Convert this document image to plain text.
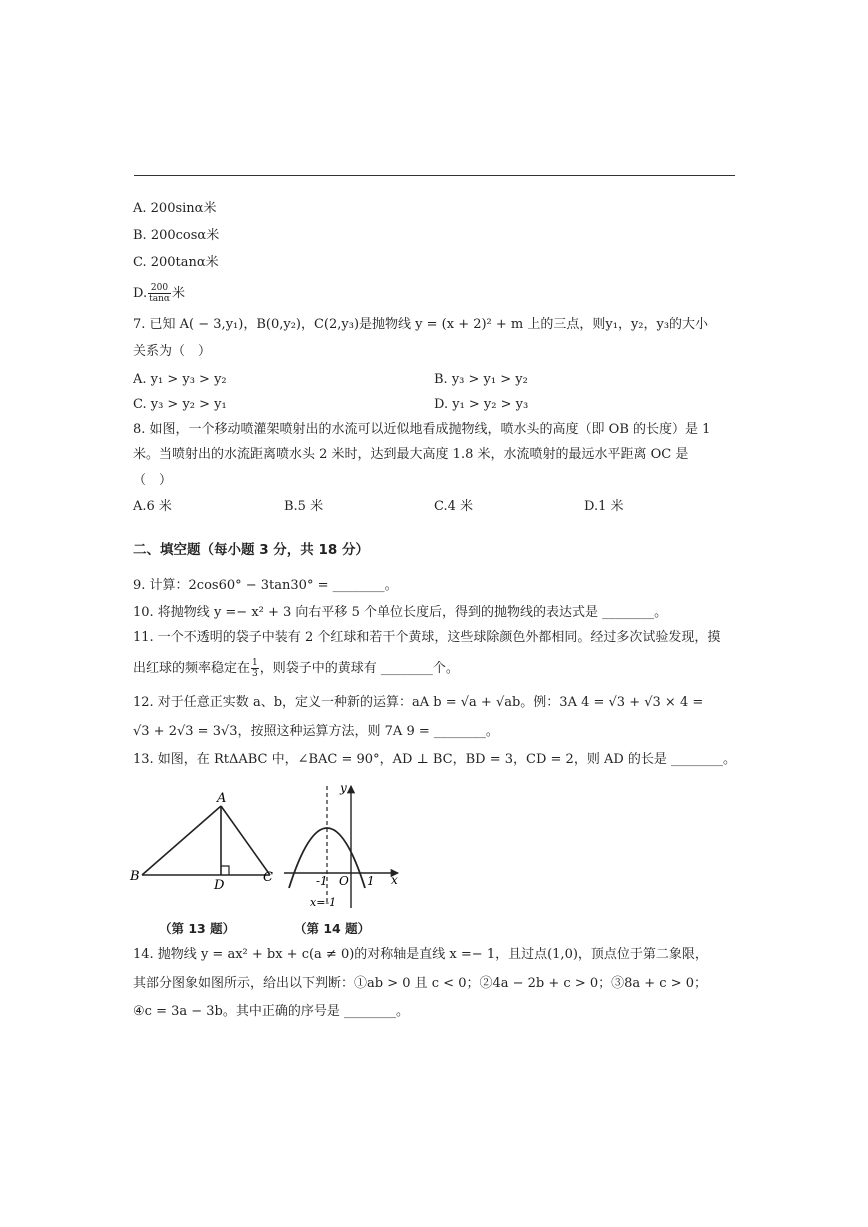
A. 200sinα米
B. 200cosα米
C. 200tanα米
D. $\frac{200}{\tan\alpha}$ 米
7. 已知 A( − 3,y₁)，B(0,y₂)，C(2,y₃)是抛物线 y = (x + 2)² + m 上的三点，则y₁，y₂，y₃的大小
关系为（　）
A. y₁ > y₃ > y₂	B. y₃ > y₁ > y₂
C. y₃ > y₂ > y₁	D. y₁ > y₂ > y₃
8. 如图，一个移动喷灌架喷射出的水流可以近似地看成抛物线，喷水头的高度（即 OB 的长度）是 1
米。当喷射出的水流距离喷水头 2 米时，达到最大高度 1.8 米，水流喷射的最远水平距离 OC 是
（　）
A.6 米	B.5 米	C.4 米	D.1 米
二、填空题（每小题 3 分，共 18 分）
9. 计算：2cos60° − 3tan30° = ________。
10. 将抛物线 y =− x² + 3 向右平移 5 个单位长度后，得到的抛物线的表达式是 ________。
11. 一个不透明的袋子中装有 2 个红球和若干个黄球，这些球除颜色外都相同。经过多次试验发现，摸
出红球的频率稳定在 $\frac{1}{3}$ ，则袋子中的黄球有 ________个。
12. 对于任意正实数 a、b，定义一种新的运算：aA b = √a + √ab。例：3A 4 = √3 + √3 × 4 =
√3 + 2√3 = 3√3，按照这种运算方法，则 7A 9 = ________。
13. 如图，在 RtΔABC 中，∠BAC = 90°，AD ⊥ BC，BD = 3，CD = 2，则 AD 的长是 ________。
A
B	C
D
y
x
-1 O 1
x=-1
（第 13 题）	（第 14 题）
14. 抛物线 y = ax² + bx + c(a ≠ 0)的对称轴是直线 x =− 1，且过点(1,0)，顶点位于第二象限，
其部分图象如图所示，给出以下判断：①ab > 0 且 c < 0；②4a − 2b + c > 0；③8a + c > 0；
④c = 3a − 3b。其中正确的序号是 ________。
